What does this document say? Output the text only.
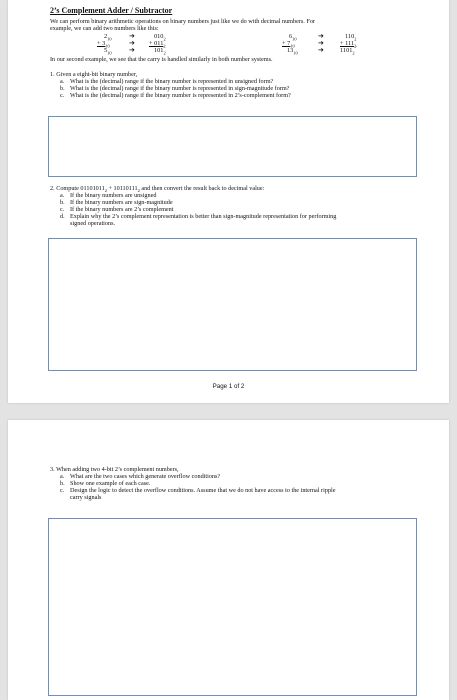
2’s Complement Adder / Subtractor
We can perform binary arithmetic operations on binary numbers just like we do with decimal numbers. For
example, we can add two numbers like this:
$2_{10}$ ➔	$010_2$
+ $3_{10}$	➔ + $011_2$
$5_{10}$ ➔	$101_2$
$6_{10}$	➔	$110_2$
+ $7_{10}$	➔	+ $111_2$
$13_{10}$	➔	$1101_2$
In our second example, we see that the carry is handled similarly in both number systems.
1. Given a eight-bit binary number,
a. What is the (decimal) range if the binary number is represented in unsigned form?
b. What is the (decimal) range if the binary number is represented in sign-magnitude form?
c. What is the (decimal) range if the binary number is represented in 2’s-complement form?
2. Compute $01101011_2 + 10110111_2$ and then convert the result back to decimal value:
a. If the binary numbers are unsigned
b. If the binary numbers are sign-magnitude
c. If the binary numbers are 2’s complement
d. Explain why the 2’s complement representation is better than sign-magnitude representation for performing
signed operations.
Page 1 of 2
3. When adding two 4-bit 2’s complement numbers,
a. What are the two cases which generate overflow conditions?
b. Show one example of each case.
c. Design the logic to detect the overflow conditions. Assume that we do not have access to the internal ripple
carry signals
